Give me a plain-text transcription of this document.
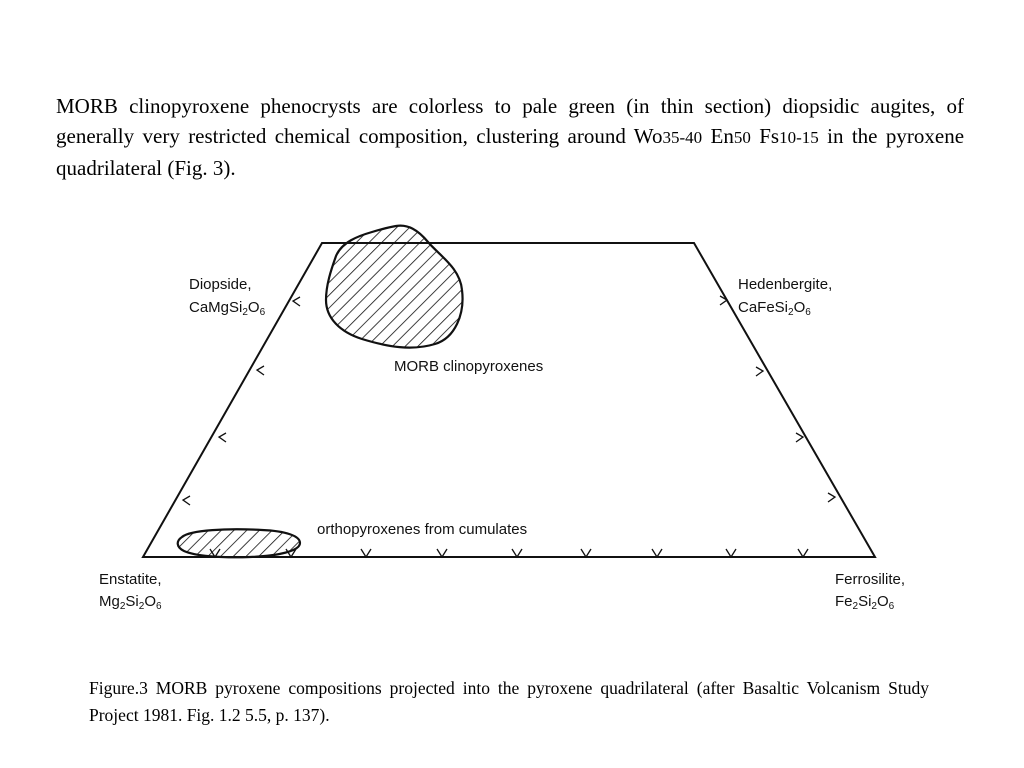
MORB clinopyroxene phenocrysts are colorless to pale green (in thin section) diopsidic augites, of generally very restricted chemical composition, clustering around Wo35-40 En50 Fs10-15 in the pyroxene quadrilateral (Fig. 3).

Diopside,
$CaMgSi_2O_6$
Hedenbergite,
$CaFeSi_2O_6$
Enstatite,
$Mg_2Si_2O_6$
Ferrosilite,
$Fe_2Si_2O_6$
MORB clinopyroxenes
orthopyroxenes from cumulates

Figure.3 MORB pyroxene compositions projected into the pyroxene quadrilateral (after Basaltic Volcanism Study Project 1981. Fig. 1.2 5.5, p. 137).
